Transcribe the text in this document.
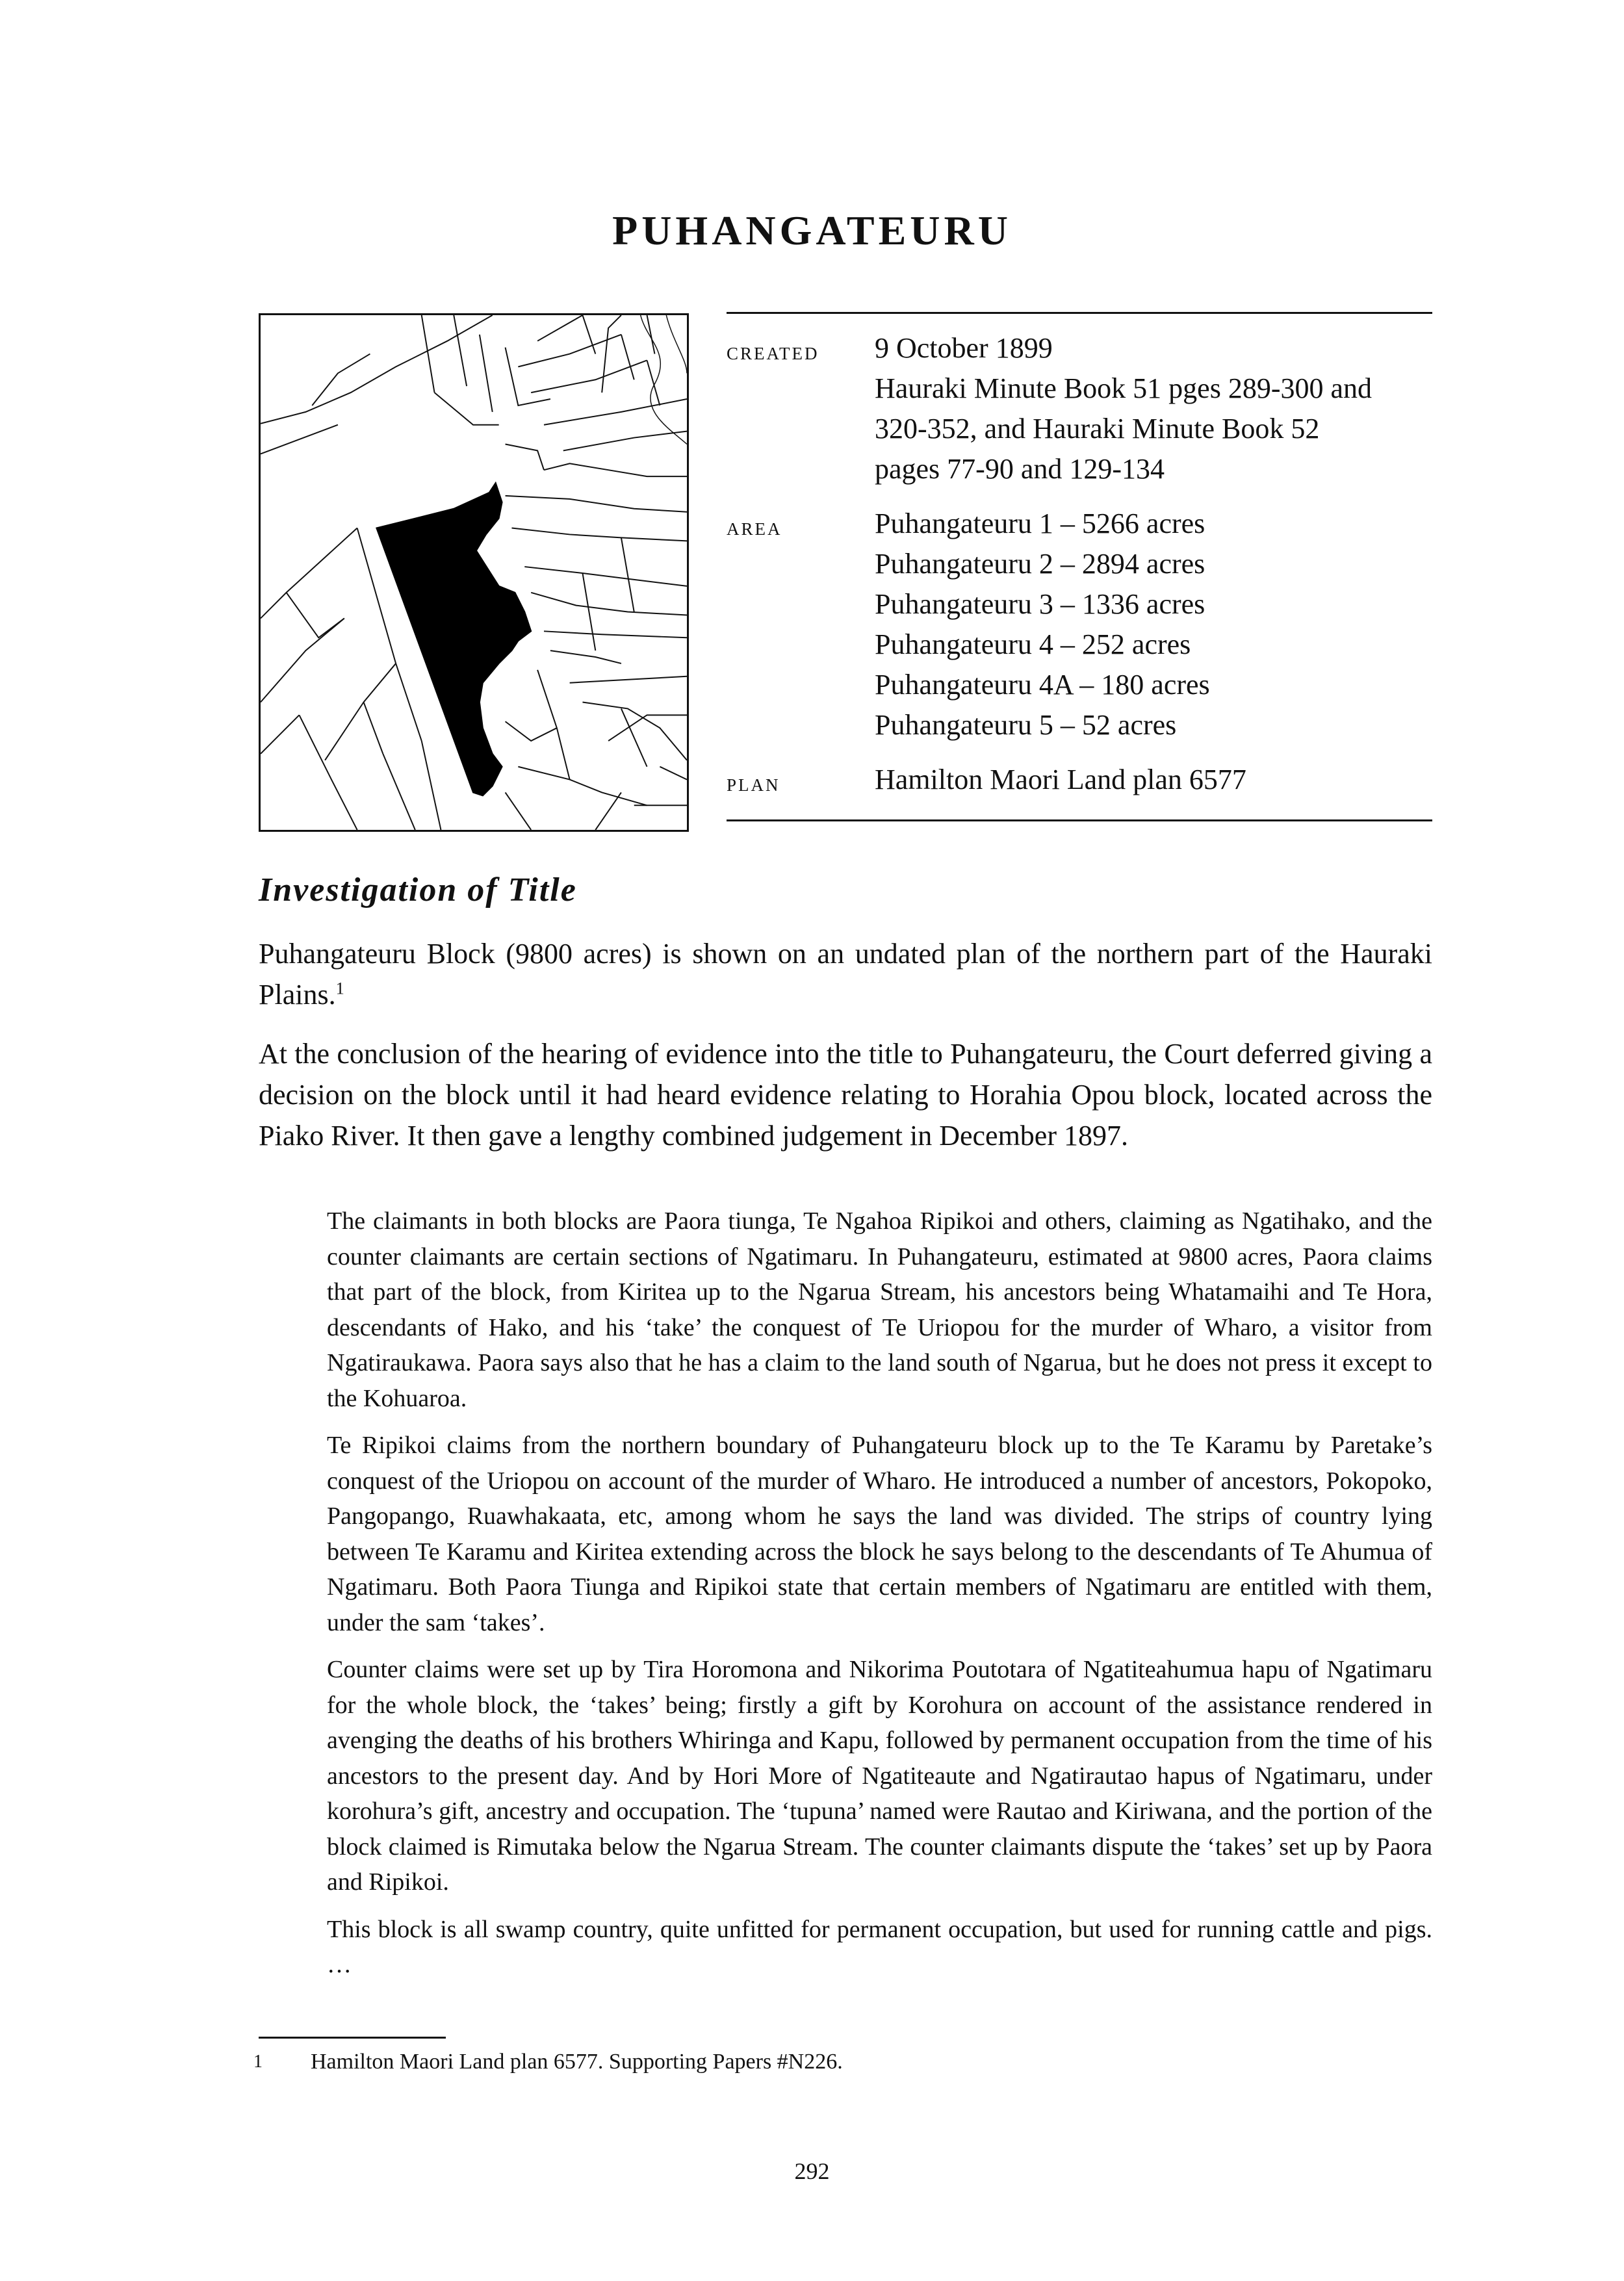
PUHANGATEURU
created	9 October 1899
Hauraki Minute Book 51 pges 289-300 and
320-352, and Hauraki Minute Book 52
pages 77-90 and 129-134
area	Puhangateuru 1 – 5266 acres
Puhangateuru 2 – 2894 acres
Puhangateuru 3 – 1336 acres
Puhangateuru 4 – 252 acres
Puhangateuru 4A – 180 acres
Puhangateuru 5 – 52 acres
plan	Hamilton Maori Land plan 6577
Investigation of Title

Puhangateuru Block (9800 acres) is shown on an undated plan of the northern part of the Hauraki Plains.$^1$

At the conclusion of the hearing of evidence into the title to Puhangateuru, the Court deferred giving a decision on the block until it had heard evidence relating to Horahia Opou block, located across the Piako River. It then gave a lengthy combined judgement in December 1897.

The claimants in both blocks are Paora tiunga, Te Ngahoa Ripikoi and others, claiming as Ngatihako, and the counter claimants are certain sections of Ngatimaru. In Puhangateuru, estimated at 9800 acres, Paora claims that part of the block, from Kiritea up to the Ngarua Stream, his ancestors being Whatamaihi and Te Hora, descendants of Hako, and his ‘take’ the conquest of Te Uriopou for the murder of Wharo, a visitor from Ngatiraukawa. Paora says also that he has a claim to the land south of Ngarua, but he does not press it except to the Kohuaroa.

Te Ripikoi claims from the northern boundary of Puhangateuru block up to the Te Karamu by Paretake’s conquest of the Uriopou on account of the murder of Wharo. He introduced a number of ancestors, Pokopoko, Pangopango, Ruawhakaata, etc, among whom he says the land was divided. The strips of country lying between Te Karamu and Kiritea extending across the block he says belong to the descendants of Te Ahumua of Ngatimaru. Both Paora Tiunga and Ripikoi state that certain members of Ngatimaru are entitled with them, under the sam ‘takes’.

Counter claims were set up by Tira Horomona and Nikorima Poutotara of Ngatiteahumua hapu of Ngatimaru for the whole block, the ‘takes’ being; firstly a gift by Korohura on account of the assistance rendered in avenging the deaths of his brothers Whiringa and Kapu, followed by permanent occupation from the time of his ancestors to the present day. And by Hori More of Ngatiteaute and Ngatirautao hapus of Ngatimaru, under korohura’s gift, ancestry and occupation. The ‘tupuna’ named were Rautao and Kiriwana, and the portion of the block claimed is Rimutaka below the Ngarua Stream. The counter claimants dispute the ‘takes’ set up by Paora and Ripikoi.

This block is all swamp country, quite unfitted for permanent occupation, but used for running cattle and pigs. …

1 Hamilton Maori Land plan 6577. Supporting Papers #N226.
292
